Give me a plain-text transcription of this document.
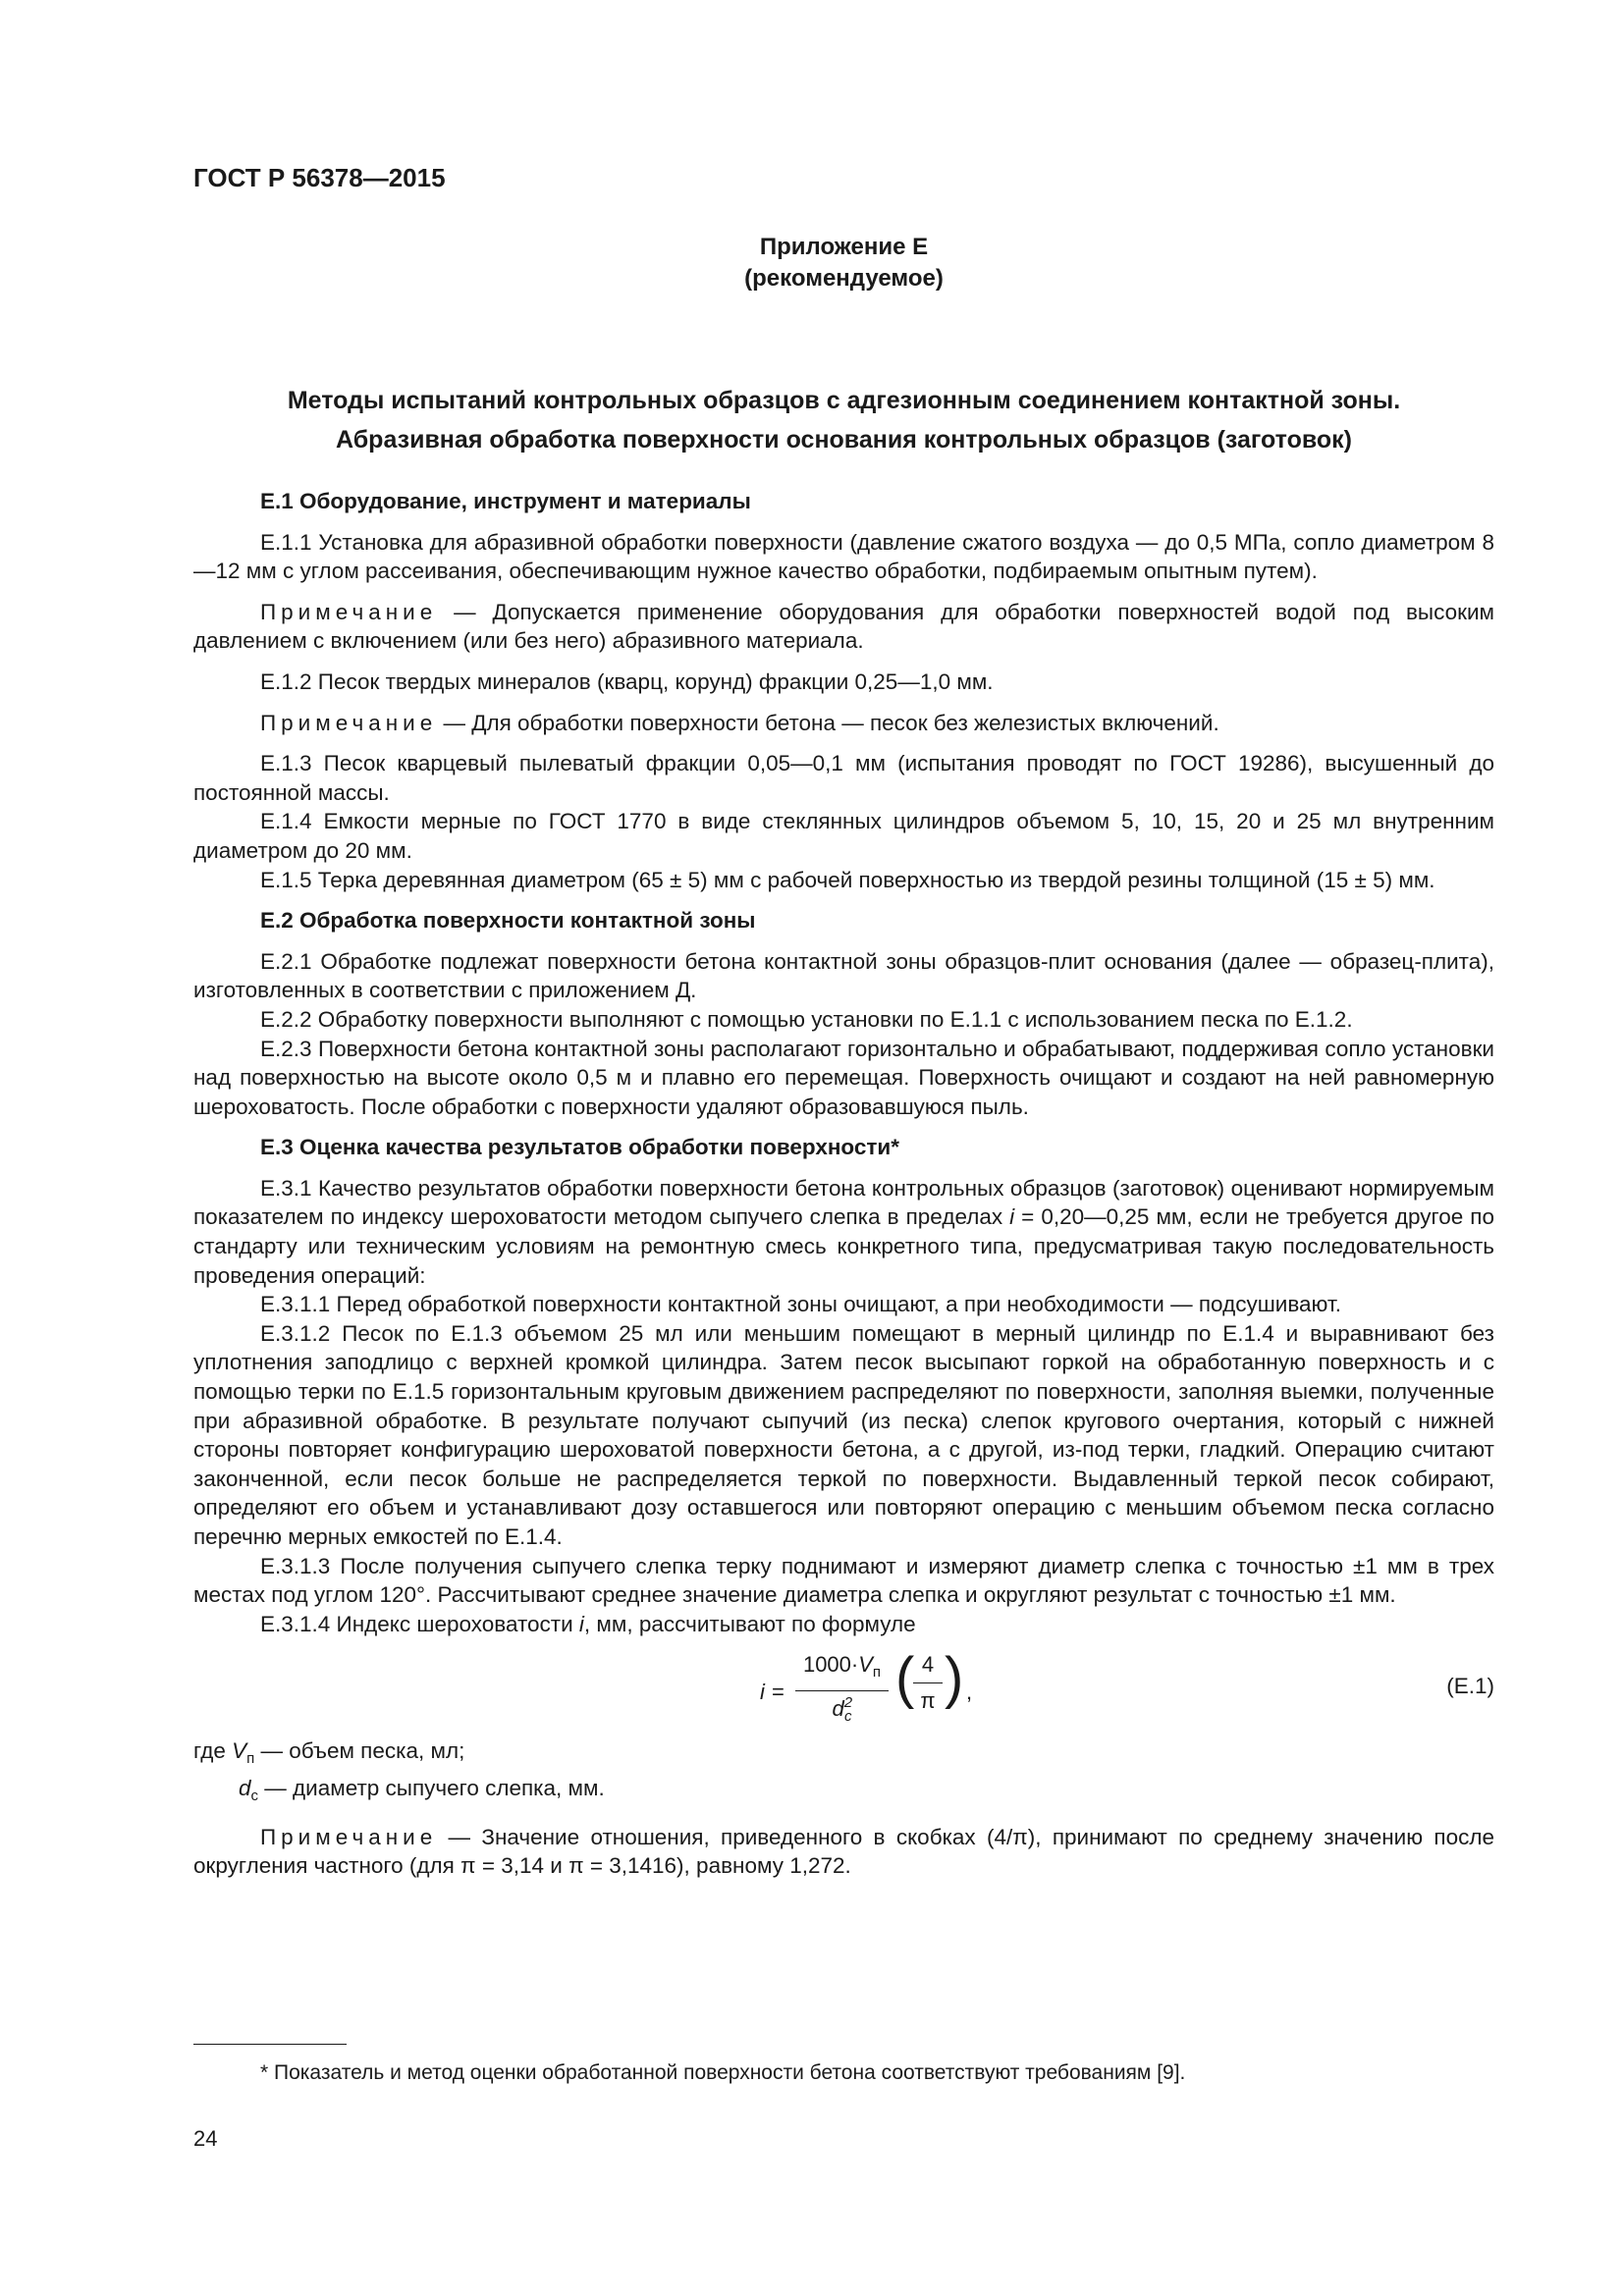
ГОСТ Р 56378—2015
Приложение Е
(рекомендуемое)
Методы испытаний контрольных образцов с адгезионным соединением контактной зоны.
Абразивная обработка поверхности основания контрольных образцов (заготовок)

Е.1 Оборудование, инструмент и материалы

Е.1.1 Установка для абразивной обработки поверхности (давление сжатого воздуха — до 0,5 МПа, сопло диаметром 8—12 мм с углом рассеивания, обеспечивающим нужное качество обработки, подбираемым опытным путем).

Примечание — Допускается применение оборудования для обработки поверхностей водой под высоким давлением с включением (или без него) абразивного материала.

Е.1.2 Песок твердых минералов (кварц, корунд) фракции 0,25—1,0 мм.

Примечание — Для обработки поверхности бетона — песок без железистых включений.

Е.1.3 Песок кварцевый пылеватый фракции 0,05—0,1 мм (испытания проводят по ГОСТ 19286), высушенный до постоянной массы.

Е.1.4 Емкости мерные по ГОСТ 1770 в виде стеклянных цилиндров объемом 5, 10, 15, 20 и 25 мл внутренним диаметром до 20 мм.

Е.1.5 Терка деревянная диаметром (65 ± 5) мм с рабочей поверхностью из твердой резины толщиной (15 ± 5) мм.

Е.2 Обработка поверхности контактной зоны

Е.2.1 Обработке подлежат поверхности бетона контактной зоны образцов-плит основания (далее — образец-плита), изготовленных в соответствии с приложением Д.

Е.2.2 Обработку поверхности выполняют с помощью установки по Е.1.1 с использованием песка по Е.1.2.

Е.2.3 Поверхности бетона контактной зоны располагают горизонтально и обрабатывают, поддерживая сопло установки над поверхностью на высоте около 0,5 м и плавно его перемещая. Поверхность очищают и создают на ней равномерную шероховатость. После обработки с поверхности удаляют образовавшуюся пыль.

Е.3 Оценка качества результатов обработки поверхности*

Е.3.1 Качество результатов обработки поверхности бетона контрольных образцов (заготовок) оценивают нормируемым показателем по индексу шероховатости методом сыпучего слепка в пределах i = 0,20—0,25 мм, если не требуется другое по стандарту или техническим условиям на ремонтную смесь конкретного типа, предусматривая такую последовательность проведения операций:

Е.3.1.1 Перед обработкой поверхности контактной зоны очищают, а при необходимости — подсушивают.

Е.3.1.2 Песок по Е.1.3 объемом 25 мл или меньшим помещают в мерный цилиндр по Е.1.4 и выравнивают без уплотнения заподлицо с верхней кромкой цилиндра. Затем песок высыпают горкой на обработанную поверхность и с помощью терки по Е.1.5 горизонтальным круговым движением распределяют по поверхности, заполняя выемки, полученные при абразивной обработке. В результате получают сыпучий (из песка) слепок кругового очертания, который с нижней стороны повторяет конфигурацию шероховатой поверхности бетона, а с другой, из-под терки, гладкий. Операцию считают законченной, если песок больше не распределяется теркой по поверхности. Выдавленный теркой песок собирают, определяют его объем и устанавливают дозу оставшегося или повторяют операцию с меньшим объемом песка согласно перечню мерных емкостей по Е.1.4.

Е.3.1.3 После получения сыпучего слепка терку поднимают и измеряют диаметр слепка с точностью ±1 мм в трех местах под углом 120°. Рассчитывают среднее значение диаметра слепка и округляют результат с точностью ±1 мм.

Е.3.1.4 Индекс шероховатости i, мм, рассчитывают по формуле

i =
$1000\cdot V_п$
$d^2_с$
(
$\frac{4}{\pi}$ ) ,	(Е.1)

где $V_п$ — объем песка, мл;

$d_с$ — диаметр сыпучего слепка, мм.

Примечание — Значение отношения, приведенного в скобках (4/π), принимают по среднему значению после округления частного (для π = 3,14 и π = 3,1416), равному 1,272.

* Показатель и метод оценки обработанной поверхности бетона соответствуют требованиям [9].
24
